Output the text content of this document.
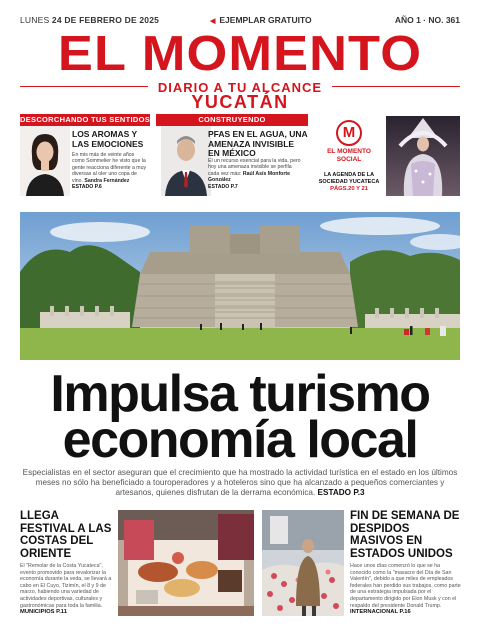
LUNES 24 DE FEBRERO DE 2025	◀ EJEMPLAR GRATUITO	AÑO 1 · NO. 361
EL MOMENTO
DIARIO A TU ALCANCE
YUCATÁN
DESCORCHANDO TUS SENTIDOS
LOS AROMAS Y LAS EMOCIONES
En mis más de veinte años como Sommelier he visto que la gente reacciona diferente a muy diversas al oler uno copa de vino. Sandra Fernández
ESTADO P.6
CONSTRUYENDO
PFAS EN EL AGUA, UNA AMENAZA INVISIBLE EN MÉXICO
El un recurso esencial para la vida, pero hoy una amenaza invisible se perfila cada vez más: Raúl Asís Monforte González
ESTADO P.7
M
EL MOMENTO
SOCIAL
LA AGENDA DE LA SOCIEDAD YUCATECA
PÁGS.20 Y 21
Impulsa turismo
economía local
Especialistas en el sector aseguran que el crecimiento que ha mostrado la actividad turística en el estado en los últimos meses no sólo ha beneficiado a touroperadores y a hoteleros sino que ha alcanzado a pequeños comerciantes y artesanos, quienes disfrutan de la derrama económica. ESTADO P.3
LLEGA FESTIVAL A LAS COSTAS DEL ORIENTE
El "Remolar de la Costa Yucateca", evento promovido para revalorizar la economía durante la veda, se llevará a cabo en El Cuyo, Tizimín, el 8 y 9 de marzo, habiendo una variedad de actividades deportivas, culturales y gastronómicas para toda la familia.
MUNICIPIOS P.11
FIN DE SEMANA DE DESPIDOS MASIVOS EN ESTADOS UNIDOS
Hace unos días comenzó lo que se ha conocido como la "masacre del Día de San Valentín", debido a que miles de empleados federales han perdido sus trabajos, como parte de una estrategia impulsada por el departamento dirigido por Elon Musk y con el respaldo del presidente Donald Trump.
INTERNACIONAL P.16
